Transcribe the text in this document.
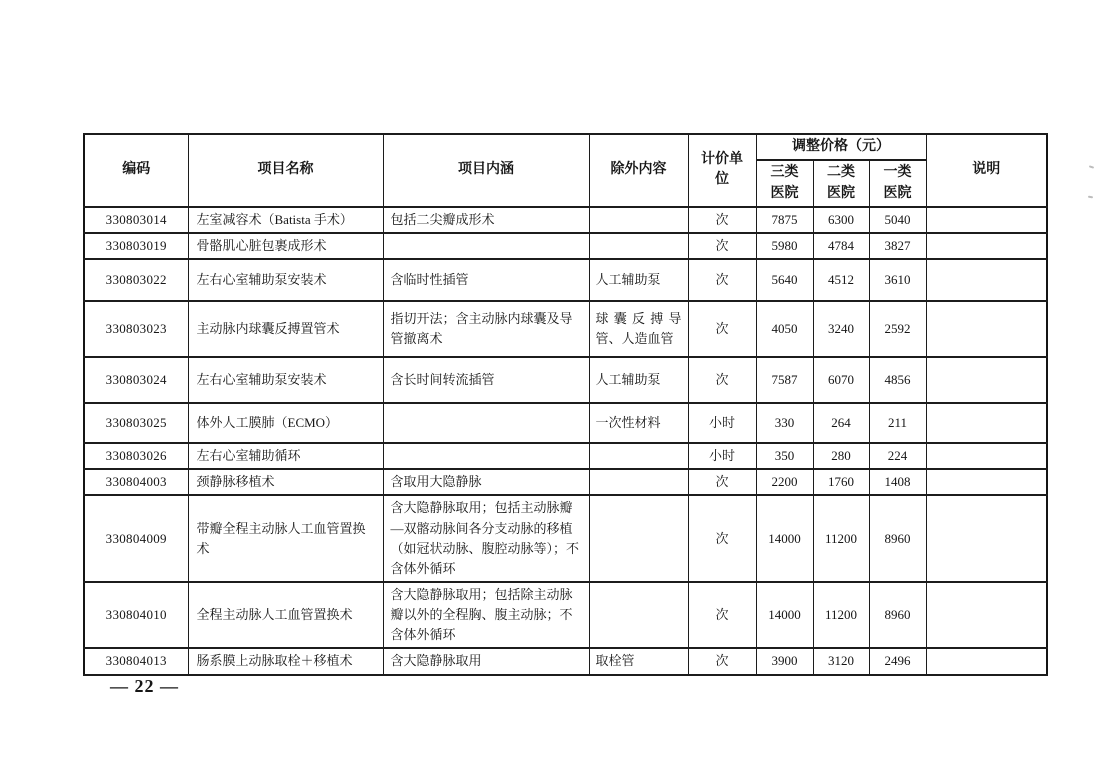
编码	项目名称	项目内涵	除外内容	计价单位	调整价格（元）			说明

					三类医院	二类医院	一类医院	

330803014	左室减容术（Batista 手术）	包括二尖瓣成形术		次	7875	6300	5040	
330803019	骨骼肌心脏包裹成形术			次	5980	4784	3827	
330803022	左右心室辅助泵安装术	含临时性插管	人工辅助泵	次	5640	4512	3610	
330803023	主动脉内球囊反搏置管术	指切开法；含主动脉内球囊及导管撤离术	球囊反搏导管、人造血管	次	4050	3240	2592	
330803024	左右心室辅助泵安装术	含长时间转流插管	人工辅助泵	次	7587	6070	4856	
330803025	体外人工膜肺（ECMO）		一次性材料	小时	330	264	211	
330803026	左右心室辅助循环			小时	350	280	224	
330804003	颈静脉移植术	含取用大隐静脉		次	2200	1760	1408	
330804009	带瓣全程主动脉人工血管置换术	含大隐静脉取用；包括主动脉瓣—双髂动脉间各分支动脉的移植（如冠状动脉、腹腔动脉等）；不含体外循环		次	14000	11200	8960	
330804010	全程主动脉人工血管置换术	含大隐静脉取用；包括除主动脉瓣以外的全程胸、腹主动脉；不含体外循环		次	14000	11200	8960	
330804013	肠系膜上动脉取栓＋移植术	含大隐静脉取用	取栓管	次	3900	3120	2496	
— 22 —
